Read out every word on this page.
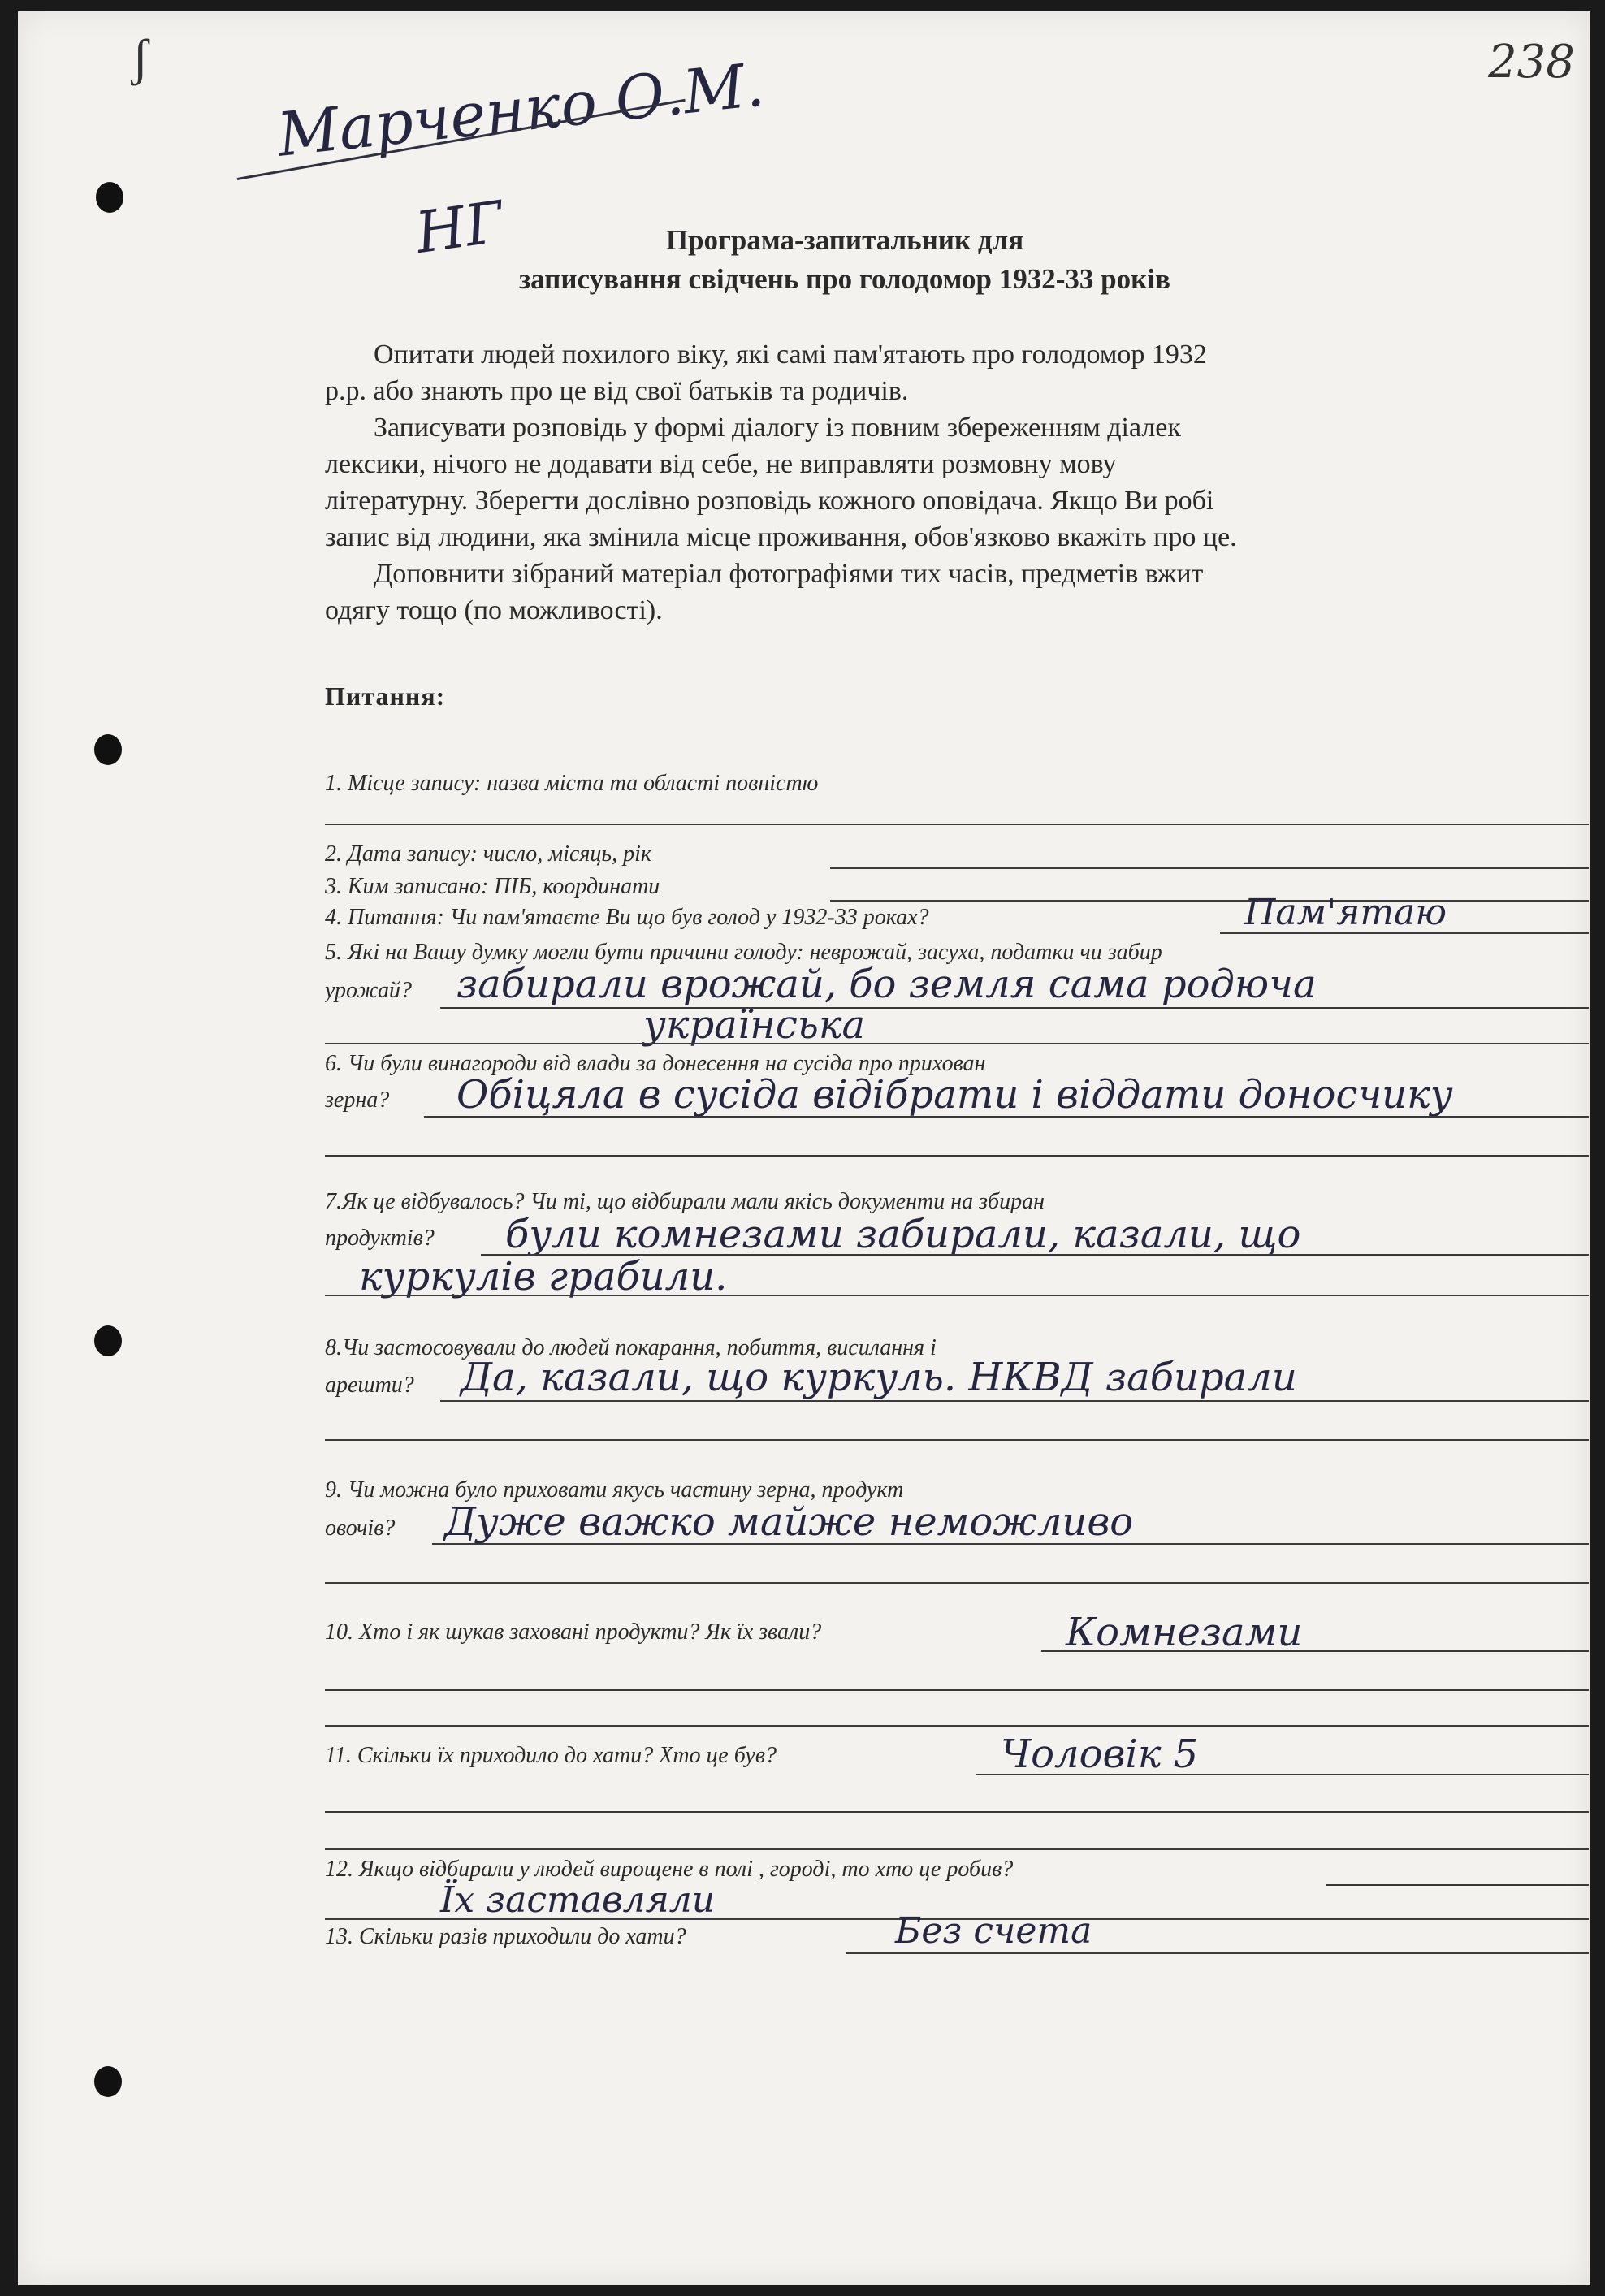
ʃ	238
Марченко О.М.
НГ	Програма-запитальник для
записування свідчень про голодомор 1932-33 років

Опитати людей похилого віку, які самі пам'ятають про голодомор 1932

р.р. або знають про це від свої батьків та родичів.

Записувати розповідь у формі діалогу із повним збереженням діалек

лексики, нічого не додавати від себе, не виправляти розмовну мову

літературну. Зберегти дослівно розповідь кожного оповідача. Якщо Ви робі

запис від людини, яка змінила місце проживання, обов'язково вкажіть про це.

Доповнити зібраний матеріал фотографіями тих часів, предметів вжит

одягу тощо (по можливості).

Питання:
1. Місце запису: назва міста та області повністю
2. Дата запису: число, місяць, рік
3. Ким записано: ПІБ, координати
4. Питання: Чи пам'ятаєте Ви що був голод у 1932-33 роках?	Пам'ятаю
5. Які на Вашу думку могли бути причини голоду: неврожай, засуха, податки чи забир
урожай?	забирали врожай, бо земля сама родюча
українська
6. Чи були винагороди від влади за донесення на сусіда про прихован
зерна?	Обіцяла в сусіда відібрати і віддати доносчику
7.Як це відбувалось? Чи ті, що відбирали мали якісь документи на збиран
продуктів?	були комнезами забирали, казали, що
куркулів грабили.
8.Чи застосовували до людей покарання, побиття, висилання і
арешти?	Да, казали, що куркуль. НКВД забирали
9. Чи можна було приховати якусь частину зерна, продукт
овочів?	Дуже важко майже неможливо
10. Хто і як шукав заховані продукти? Як їх звали?	Комнезами
11. Скільки їх приходило до хати? Хто це був?	Чоловік 5
12. Якщо відбирали у людей вирощене в полі , городі, то хто це робив?
Їх заставляли
13. Скільки разів приходили до хати?	Без счета
